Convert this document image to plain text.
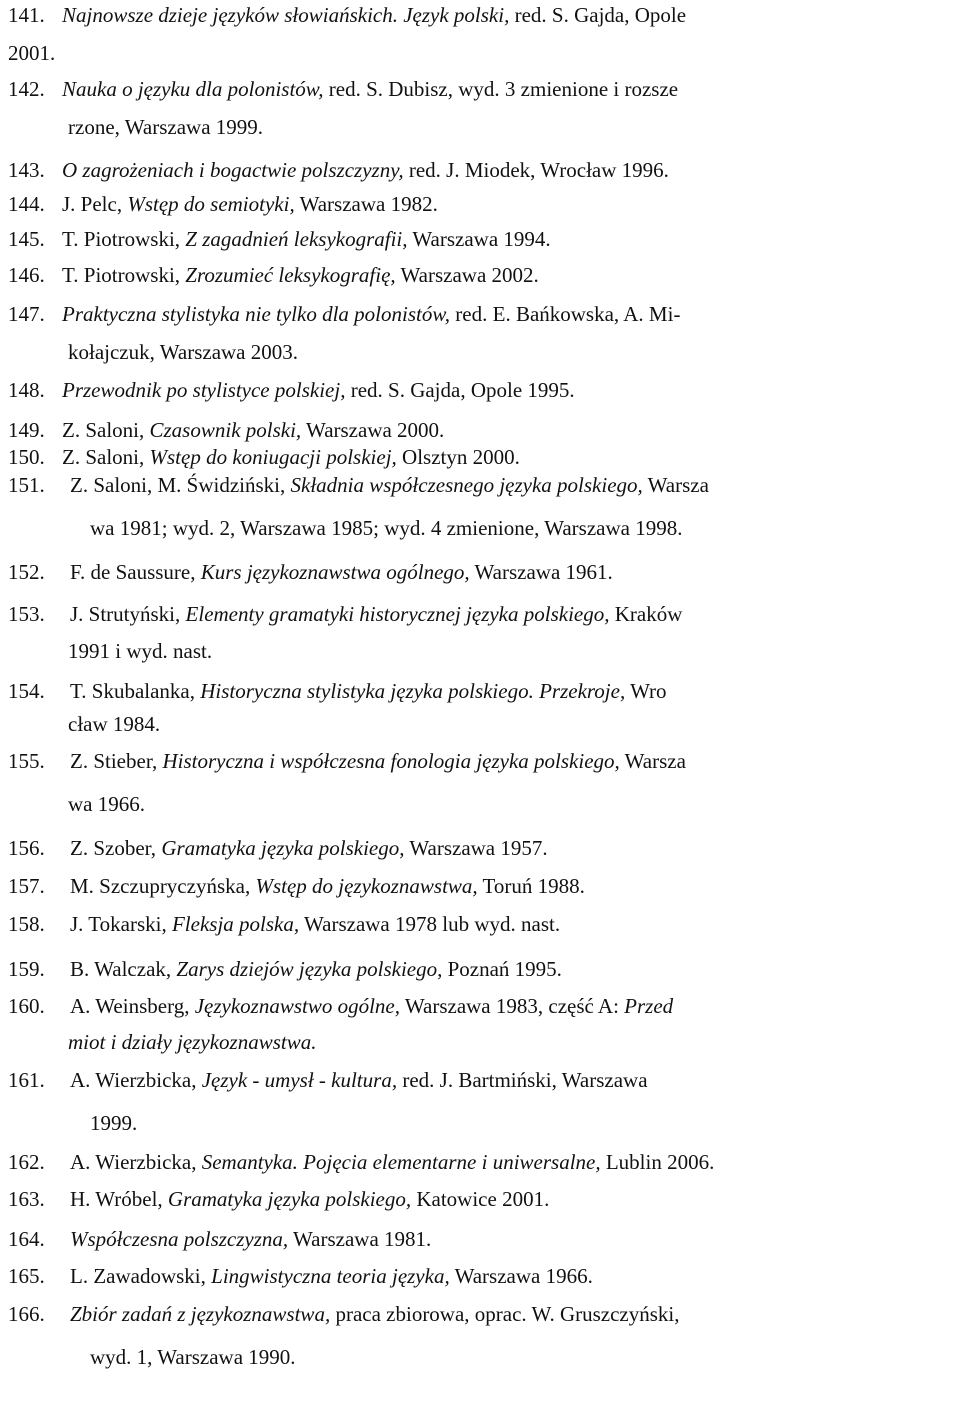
141. Najnowsze dzieje języków słowiańskich. Język polski, red. S. Gajda, Opole
2001.
142. Nauka o języku dla polonistów, red. S. Dubisz, wyd. 3 zmienione i rozsze
rzone, Warszawa 1999.
143. O zagrożeniach i bogactwie polszczyzny, red. J. Miodek, Wrocław 1996.
144. J. Pelc, Wstęp do semiotyki, Warszawa 1982.
145. T. Piotrowski, Z zagadnień leksykografii, Warszawa 1994.
146. T. Piotrowski, Zrozumieć leksykografię, Warszawa 2002.
147. Praktyczna stylistyka nie tylko dla polonistów, red. E. Bańkowska, A. Mi-
kołajczuk, Warszawa 2003.
148. Przewodnik po stylistyce polskiej, red. S. Gajda, Opole 1995.
149. Z. Saloni, Czasownik polski, Warszawa 2000.
150. Z. Saloni, Wstęp do koniugacji polskiej, Olsztyn 2000.
151. Z. Saloni, M. Świdziński, Składnia współczesnego języka polskiego, Warsza
wa 1981; wyd. 2, Warszawa 1985; wyd. 4 zmienione, Warszawa 1998.
152. F. de Saussure, Kurs językoznawstwa ogólnego, Warszawa 1961.
153. J. Strutyński, Elementy gramatyki historycznej języka polskiego, Kraków
1991 i wyd. nast.
154. T. Skubalanka, Historyczna stylistyka języka polskiego. Przekroje, Wro
cław 1984.
155. Z. Stieber, Historyczna i współczesna fonologia języka polskiego, Warsza
wa 1966.
156. Z. Szober, Gramatyka języka polskiego, Warszawa 1957.
157. M. Szczupryczyńska, Wstęp do językoznawstwa, Toruń 1988.
158. J. Tokarski, Fleksja polska, Warszawa 1978 lub wyd. nast.
159. B. Walczak, Zarys dziejów języka polskiego, Poznań 1995.
160. A. Weinsberg, Językoznawstwo ogólne, Warszawa 1983, część A: Przed
miot i działy językoznawstwa.
161. A. Wierzbicka, Język - umysł - kultura, red. J. Bartmiński, Warszawa
1999.
162. A. Wierzbicka, Semantyka. Pojęcia elementarne i uniwersalne, Lublin 2006.
163. H. Wróbel, Gramatyka języka polskiego, Katowice 2001.
164. Współczesna polszczyzna, Warszawa 1981.
165. L. Zawadowski, Lingwistyczna teoria języka, Warszawa 1966.
166. Zbiór zadań z językoznawstwa, praca zbiorowa, oprac. W. Gruszczyński,
wyd. 1, Warszawa 1990.
